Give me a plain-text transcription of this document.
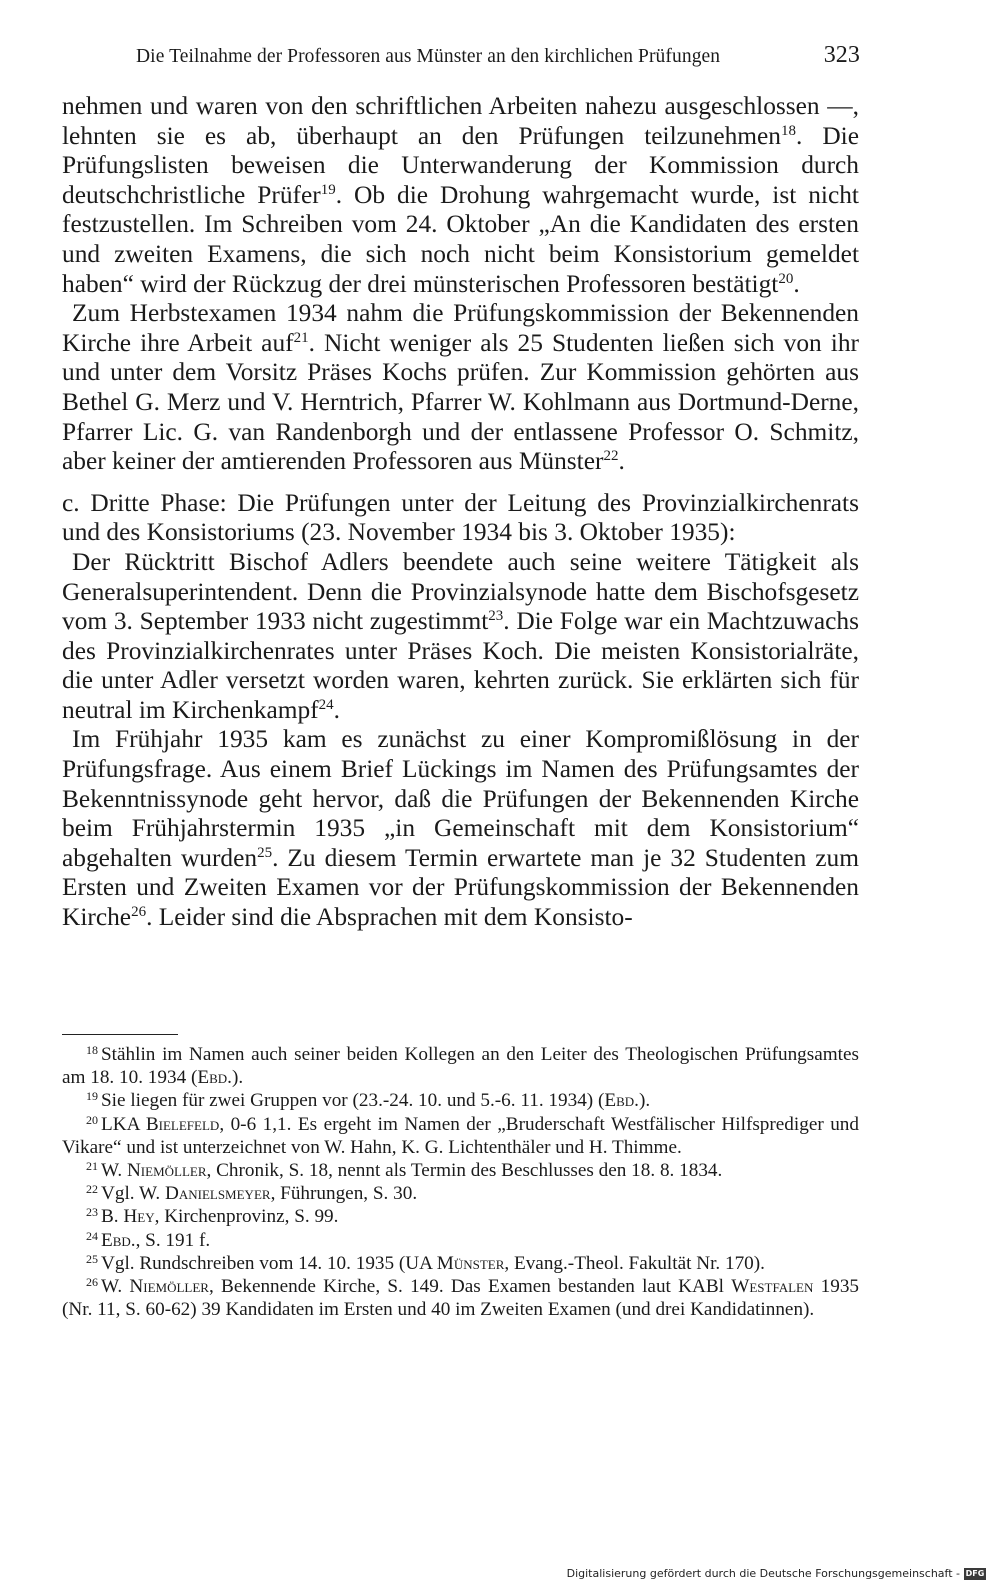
Die Teilnahme der Professoren aus Münster an den kirchlichen Prüfungen	323

nehmen und waren von den schriftlichen Arbeiten nahezu ausgeschlossen —, lehnten sie es ab, überhaupt an den Prüfungen teilzunehmen$^{18}$. Die Prüfungslisten beweisen die Unterwanderung der Kommission durch deutschchristliche Prüfer$^{19}$. Ob die Drohung wahrgemacht wurde, ist nicht festzustellen. Im Schreiben vom 24. Oktober „An die Kandidaten des ersten und zweiten Examens, die sich noch nicht beim Konsistorium gemeldet haben“ wird der Rückzug der drei münsterischen Professoren bestätigt$^{20}$.

Zum Herbstexamen 1934 nahm die Prüfungskommission der Bekennenden Kirche ihre Arbeit auf$^{21}$. Nicht weniger als 25 Studenten ließen sich von ihr und unter dem Vorsitz Präses Kochs prüfen. Zur Kommission gehörten aus Bethel G. Merz und V. Herntrich, Pfarrer W. Kohlmann aus Dortmund-Derne, Pfarrer Lic. G. van Randenborgh und der entlassene Professor O. Schmitz, aber keiner der amtierenden Professoren aus Münster$^{22}$.

c. Dritte Phase: Die Prüfungen unter der Leitung des Provinzialkirchenrats und des Konsistoriums (23. November 1934 bis 3. Oktober 1935):

Der Rücktritt Bischof Adlers beendete auch seine weitere Tätigkeit als Generalsuperintendent. Denn die Provinzialsynode hatte dem Bischofsgesetz vom 3. September 1933 nicht zugestimmt$^{23}$. Die Folge war ein Machtzuwachs des Provinzialkirchenrates unter Präses Koch. Die meisten Konsistorialräte, die unter Adler versetzt worden waren, kehrten zurück. Sie erklärten sich für neutral im Kirchenkampf$^{24}$.

Im Frühjahr 1935 kam es zunächst zu einer Kompromißlösung in der Prüfungsfrage. Aus einem Brief Lückings im Namen des Prüfungsamtes der Bekenntnissynode geht hervor, daß die Prüfungen der Bekennenden Kirche beim Frühjahrstermin 1935 „in Gemeinschaft mit dem Konsistorium“ abgehalten wurden$^{25}$. Zu diesem Termin erwartete man je 32 Studenten zum Ersten und Zweiten Examen vor der Prüfungskommission der Bekennenden Kirche$^{26}$. Leider sind die Absprachen mit dem Konsisto-

$^{18}$ Stählin im Namen auch seiner beiden Kollegen an den Leiter des Theologischen Prüfungsamtes am 18. 10. 1934 (Ebd.).

$^{19}$ Sie liegen für zwei Gruppen vor (23.-24. 10. und 5.-6. 11. 1934) (Ebd.).

$^{20}$ LKA Bielefeld, 0-6 1,1. Es ergeht im Namen der „Bruderschaft Westfälischer Hilfsprediger und Vikare“ und ist unterzeichnet von W. Hahn, K. G. Lichtenthäler und H. Thimme.

$^{21}$ W. Niemöller, Chronik, S. 18, nennt als Termin des Beschlusses den 18. 8. 1834.

$^{22}$ Vgl. W. Danielsmeyer, Führungen, S. 30.

$^{23}$ B. Hey, Kirchenprovinz, S. 99.

$^{24}$ Ebd., S. 191 f.

$^{25}$ Vgl. Rundschreiben vom 14. 10. 1935 (UA Münster, Evang.-Theol. Fakultät Nr. 170).

$^{26}$ W. Niemöller, Bekennende Kirche, S. 149. Das Examen bestanden laut KABl Westfalen 1935 (Nr. 11, S. 60-62) 39 Kandidaten im Ersten und 40 im Zweiten Examen (und drei Kandidatinnen).

Digitalisierung gefördert durch die Deutsche Forschungsgemeinschaft - DFG
